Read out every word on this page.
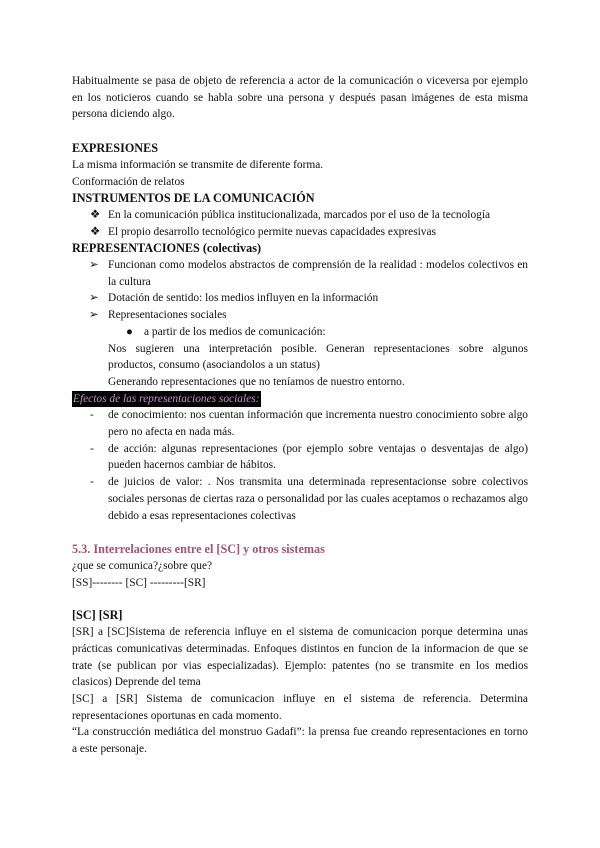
Habitualmente se pasa de objeto de referencia a actor de la comunicación o viceversa por ejemplo en los noticieros cuando se habla sobre una persona y después pasan imágenes de esta misma persona diciendo algo.

EXPRESIONES

La misma información se transmite de diferente forma.

Conformación de relatos

INSTRUMENTOS DE LA COMUNICACIÓN

❖ En la comunicación pública institucionalizada, marcados por el uso de la tecnología
❖ El propio desarrollo tecnológico permite nuevas capacidades expresivas

REPRESENTACIONES (colectivas)

➢ Funcionan como modelos abstractos de comprensión de la realidad : modelos colectivos en la cultura
➢ Dotación de sentido: los medios influyen en la información
➢ Representaciones sociales
● a partir de los medios de comunicación:

Nos sugieren una interpretación posible. Generan representaciones sobre algunos productos, consumo (asociandolos a un status)

Generando representaciones que no teníamos de nuestro entorno.

Efectos de las representaciones sociales:

- de conocimiento: nos cuentan información que incrementa nuestro conocimiento sobre algo pero no afecta en nada más.
- de acción: algunas representaciones (por ejemplo sobre ventajas o desventajas de algo) pueden hacernos cambiar de hábitos.
- de juicios de valor: . Nos transmita una determinada representacionse sobre colectivos sociales personas de ciertas raza o personalidad por las cuales aceptamos o rechazamos algo debido a esas representaciones colectivas

5.3. Interrelaciones entre el [SC] y otros sistemas

¿que se comunica?¿sobre que?

[SS]-------- [SC] ---------[SR]

[SC] [SR]

[SR] a [SC]Sistema de referencia influye en el sistema de comunicacion porque determina unas prácticas comunicativas determinadas. Enfoques distintos en funcion de la informacion de que se trate (se publican por vias especializadas). Ejemplo: patentes (no se transmite en los medios clasicos) Deprende del tema

[SC] a [SR] Sistema de comunicacion influye en el sistema de referencia. Determina representaciones oportunas en cada momento.

“La construcción mediática del monstruo Gadafi”: la prensa fue creando representaciones en torno a este personaje.
